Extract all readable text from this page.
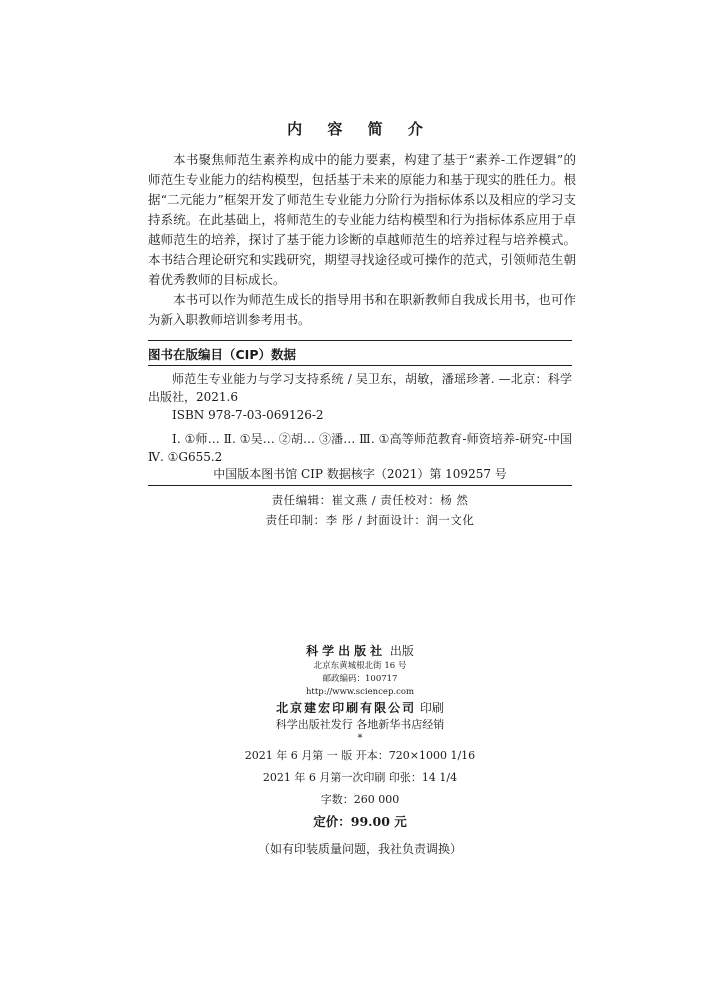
内 容 简 介

本书聚焦师范生素养构成中的能力要素，构建了基于“素养-工作逻辑”的师范生专业能力的结构模型，包括基于未来的原能力和基于现实的胜任力。根据“二元能力”框架开发了师范生专业能力分阶行为指标体系以及相应的学习支持系统。在此基础上，将师范生的专业能力结构模型和行为指标体系应用于卓越师范生的培养，探讨了基于能力诊断的卓越师范生的培养过程与培养模式。本书结合理论研究和实践研究，期望寻找途径或可操作的范式，引领师范生朝着优秀教师的目标成长。

本书可以作为师范生成长的指导用书和在职新教师自我成长用书，也可作为新入职教师培训参考用书。

图书在版编目（CIP）数据

师范生专业能力与学习支持系统 / 吴卫东，胡敏，潘瑶珍著. —北京：科学出版社，2021.6

ISBN 978-7-03-069126-2

Ⅰ. ①师… Ⅱ. ①吴… ②胡… ③潘… Ⅲ. ①高等师范教育-师资培养-研究-中国 Ⅳ. ①G655.2

中国版本图书馆 CIP 数据核字（2021）第 109257 号
责任编辑：崔文燕 / 责任校对：杨 然
责任印制：李 彤 / 封面设计：润一文化
科学出版社 出版
北京东黄城根北街 16 号
邮政编码：100717
http://www.sciencep.com
北京建宏印刷有限公司 印刷
科学出版社发行 各地新华书店经销
*
2021 年 6 月第 一 版 开本：720×1000 1/16
2021 年 6 月第一次印刷 印张：14 1/4
字数：260 000
定价：99.00 元
（如有印装质量问题，我社负责调换）
